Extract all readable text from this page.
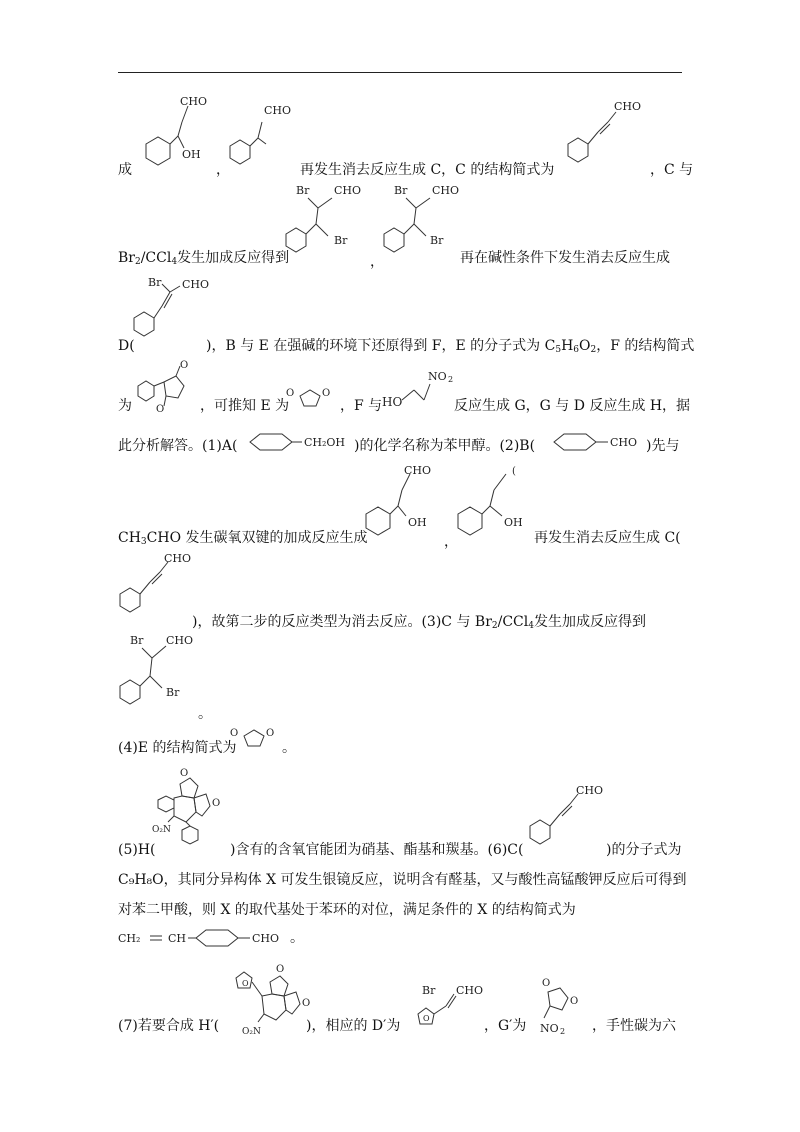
成
CHO
OH
，
CHO
再发生消去反应生成 C，C 的结构简式为
CHO
，C 与
$Br_2/CCl_4$发生加成反应得到
Br CHO
Br
，
Br CHO
Br
再在碱性条件下发生消去反应生成
Br CHO
D(	)，B 与 E 在强碱的环境下还原得到 F，E 的分子式为 $C_5H_6O_2$，F 的结构简式
为
O
O	，可推知 E 为
O	O
，F 与 HO
NO 2
反应生成 G，G 与 D 反应生成 H，据
此分析解答。(1)A(	CH₂OH )的化学名称为苯甲醇。(2)B(	CHO )先与
$CH_3CHO$ 发生碳氧双键的加成反应生成
CHO
OH
，
(
OH
再发生消去反应生成 C(
CHO
)，故第二步的反应类型为消去反应。(3)C 与 $Br_2/CCl_4$发生加成反应得到
Br CHO
Br
。
(4)E 的结构简式为
O	O
。
O
O
O₂N
(5)H(	)含有的含氧官能团为硝基、酯基和羰基。(6)C(
CHO
)的分子式为
C₉H₈O，其同分异构体 X 可发生银镜反应，说明含有醛基，又与酸性高锰酸钾反应后可得到
对苯二甲酸，则 X 的取代基处于苯环的对位，满足条件的 X 的结构简式为
CH₂	CH	CHO 。
O
O
O
O₂N
(7)若要合成 H′(	)，相应的 D′为	O
Br CHO
，G′为
O
O
NO 2 ，手性碳为六
